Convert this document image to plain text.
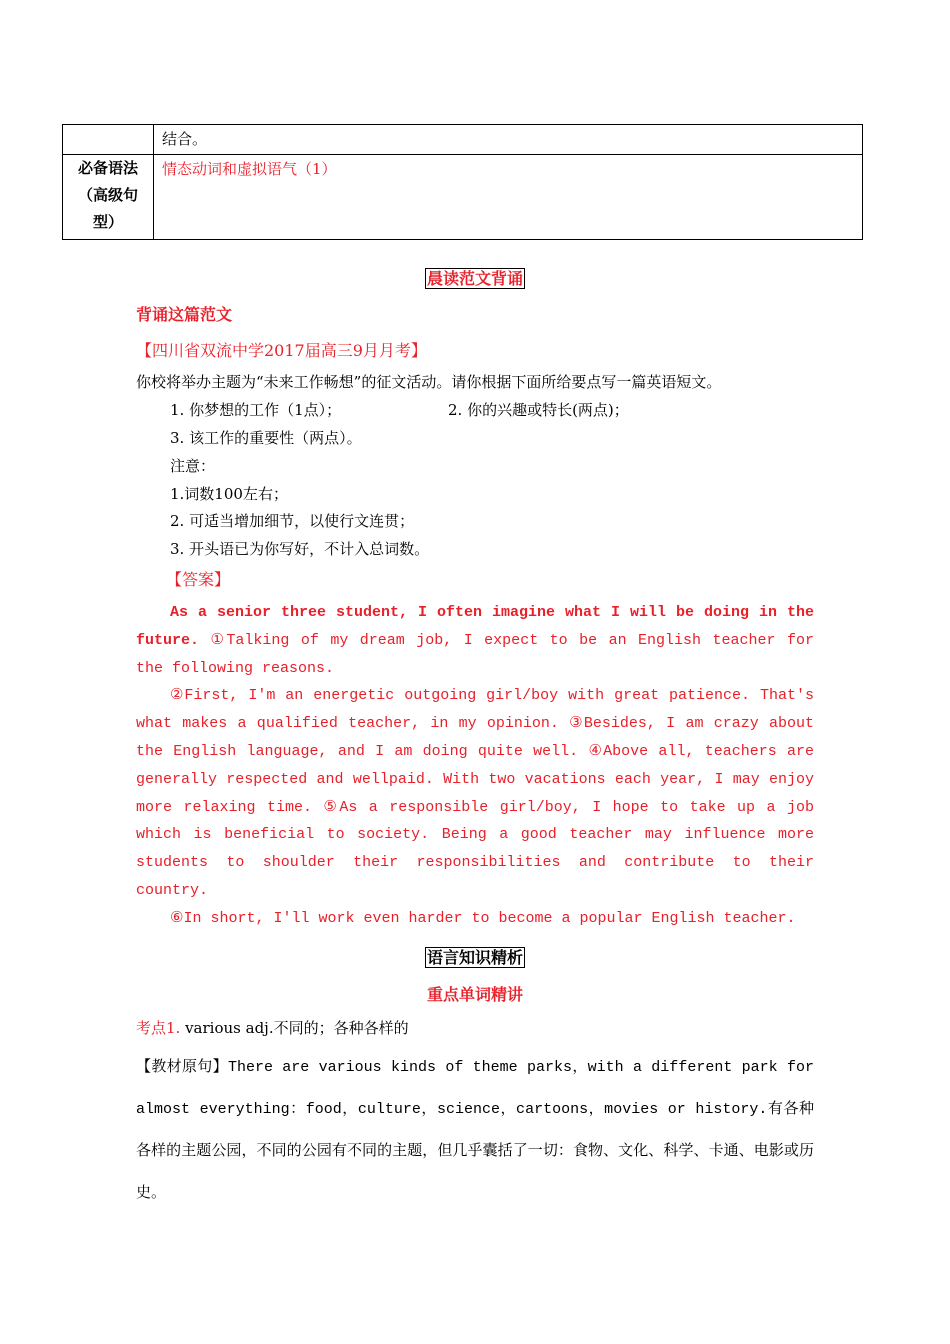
	结合。

必备语法（高级句型）	情态动词和虚拟语气（1）
晨读范文背诵
背诵这篇范文
【四川省双流中学2017届高三9月月考】
你校将举办主题为“未来工作畅想”的征文活动。请你根据下面所给要点写一篇英语短文。
1. 你梦想的工作（1点）；	2. 你的兴趣或特长(两点)；
3. 该工作的重要性（两点）。
注意：
1.词数100左右；
2. 可适当增加细节，以使行文连贯；
3. 开头语已为你写好，不计入总词数。
【答案】

As a senior three student, I often imagine what I will be doing in the future. ①Talking of my dream job, I expect to be an English teacher for the following reasons.

②First, I'm an energetic outgoing girl/boy with great patience. That's what makes a qualified teacher, in my opinion. ③Besides, I am crazy about the English language, and I am doing quite well. ④Above all, teachers are generally respected and wellpaid. With two vacations each year, I may enjoy more relaxing time. ⑤As a responsible girl/boy, I hope to take up a job which is beneficial to society. Being a good teacher may influence more students to shoulder their responsibilities and contribute to their country.

⑥In short, I'll work even harder to become a popular English teacher.

语言知识精析
重点单词精讲
考点1. various adj.不同的；各种各样的
【教材原句】There are various kinds of theme parks，with a different park for almost everything：food，culture，science，cartoons，movies or history.有各种各样的主题公园，不同的公园有不同的主题，但几乎囊括了一切：食物、文化、科学、卡通、电影或历史。
